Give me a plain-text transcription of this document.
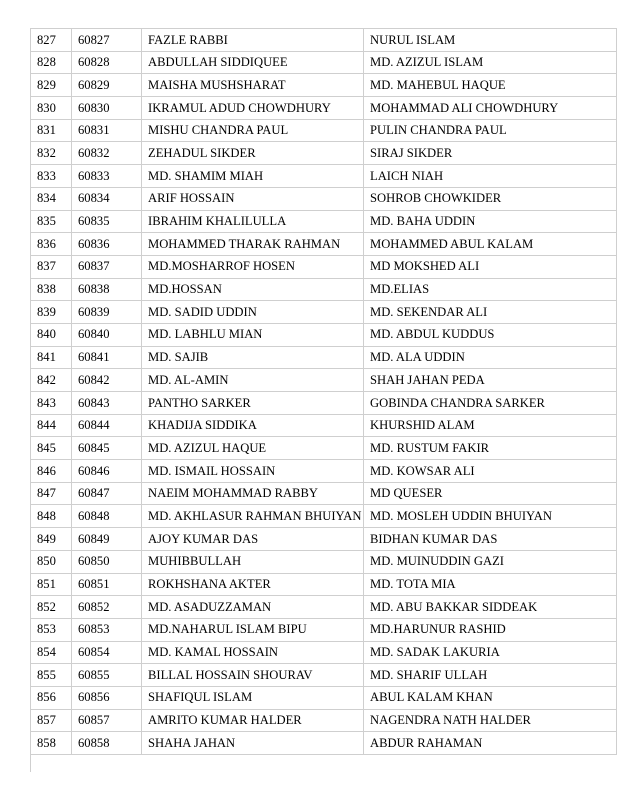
827	60827	FAZLE RABBI	NURUL ISLAM
828	60828	ABDULLAH SIDDIQUEE	MD. AZIZUL ISLAM
829	60829	MAISHA MUSHSHARAT	MD. MAHEBUL HAQUE
830	60830	IKRAMUL ADUD CHOWDHURY	MOHAMMAD ALI CHOWDHURY
831	60831	MISHU CHANDRA PAUL	PULIN CHANDRA PAUL
832	60832	ZEHADUL SIKDER	SIRAJ SIKDER
833	60833	MD. SHAMIM MIAH	LAICH NIAH
834	60834	ARIF HOSSAIN	SOHROB CHOWKIDER
835	60835	IBRAHIM KHALILULLA	MD. BAHA UDDIN
836	60836	MOHAMMED THARAK RAHMAN	MOHAMMED ABUL KALAM
837	60837	MD.MOSHARROF HOSEN	MD MOKSHED ALI
838	60838	MD.HOSSAN	MD.ELIAS
839	60839	MD. SADID UDDIN	MD. SEKENDAR ALI
840	60840	MD. LABHLU MIAN	MD. ABDUL KUDDUS
841	60841	MD. SAJIB	MD. ALA UDDIN
842	60842	MD. AL-AMIN	SHAH JAHAN PEDA
843	60843	PANTHO SARKER	GOBINDA CHANDRA SARKER
844	60844	KHADIJA SIDDIKA	KHURSHID ALAM
845	60845	MD. AZIZUL HAQUE	MD. RUSTUM FAKIR
846	60846	MD. ISMAIL HOSSAIN	MD. KOWSAR ALI
847	60847	NAEIM MOHAMMAD RABBY	MD QUESER
848	60848	MD. AKHLASUR RAHMAN BHUIYAN	MD. MOSLEH UDDIN BHUIYAN
849	60849	AJOY KUMAR DAS	BIDHAN KUMAR DAS
850	60850	MUHIBBULLAH	MD. MUINUDDIN GAZI
851	60851	ROKHSHANA AKTER	MD. TOTA MIA
852	60852	MD. ASADUZZAMAN	MD. ABU BAKKAR SIDDEAK
853	60853	MD.NAHARUL ISLAM BIPU	MD.HARUNUR RASHID
854	60854	MD. KAMAL HOSSAIN	MD. SADAK LAKURIA
855	60855	BILLAL HOSSAIN SHOURAV	MD. SHARIF ULLAH
856	60856	SHAFIQUL ISLAM	ABUL KALAM KHAN
857	60857	AMRITO KUMAR HALDER	NAGENDRA NATH HALDER
858	60858	SHAHA JAHAN	ABDUR RAHAMAN
